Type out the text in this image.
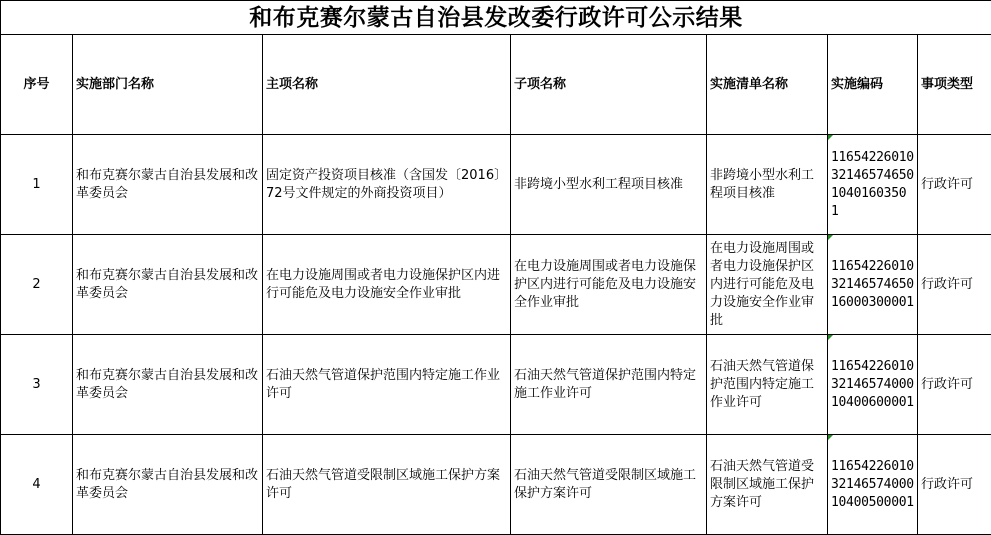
和布克赛尔蒙古自治县发改委行政许可公示结果						
序号	实施部门名称	主项名称	子项名称	实施清单名称	实施编码	事项类型
1	和布克赛尔蒙古自治县发展和改革委员会	固定资产投资项目核准（含国发〔2016〕72号文件规定的外商投资项目）	非跨境小型水利工程项目核准	非跨境小型水利工程项目核准	11654226010321465746501040160350 1	行政许可
2	和布克赛尔蒙古自治县发展和改革委员会	在电力设施周围或者电力设施保护区内进行可能危及电力设施安全作业审批	在电力设施周围或者电力设施保护区内进行可能危及电力设施安全作业审批	在电力设施周围或者电力设施保护区内进行可能危及电力设施安全作业审批	116542260103214657465016000300001	行政许可
3	和布克赛尔蒙古自治县发展和改革委员会	石油天然气管道保护范围内特定施工作业许可	石油天然气管道保护范围内特定施工作业许可	石油天然气管道保护范围内特定施工作业许可	116542260103214657400010400600001	行政许可
4	和布克赛尔蒙古自治县发展和改革委员会	石油天然气管道受限制区域施工保护方案许可	石油天然气管道受限制区域施工保护方案许可	石油天然气管道受限制区域施工保护方案许可	116542260103214657400010400500001	行政许可
